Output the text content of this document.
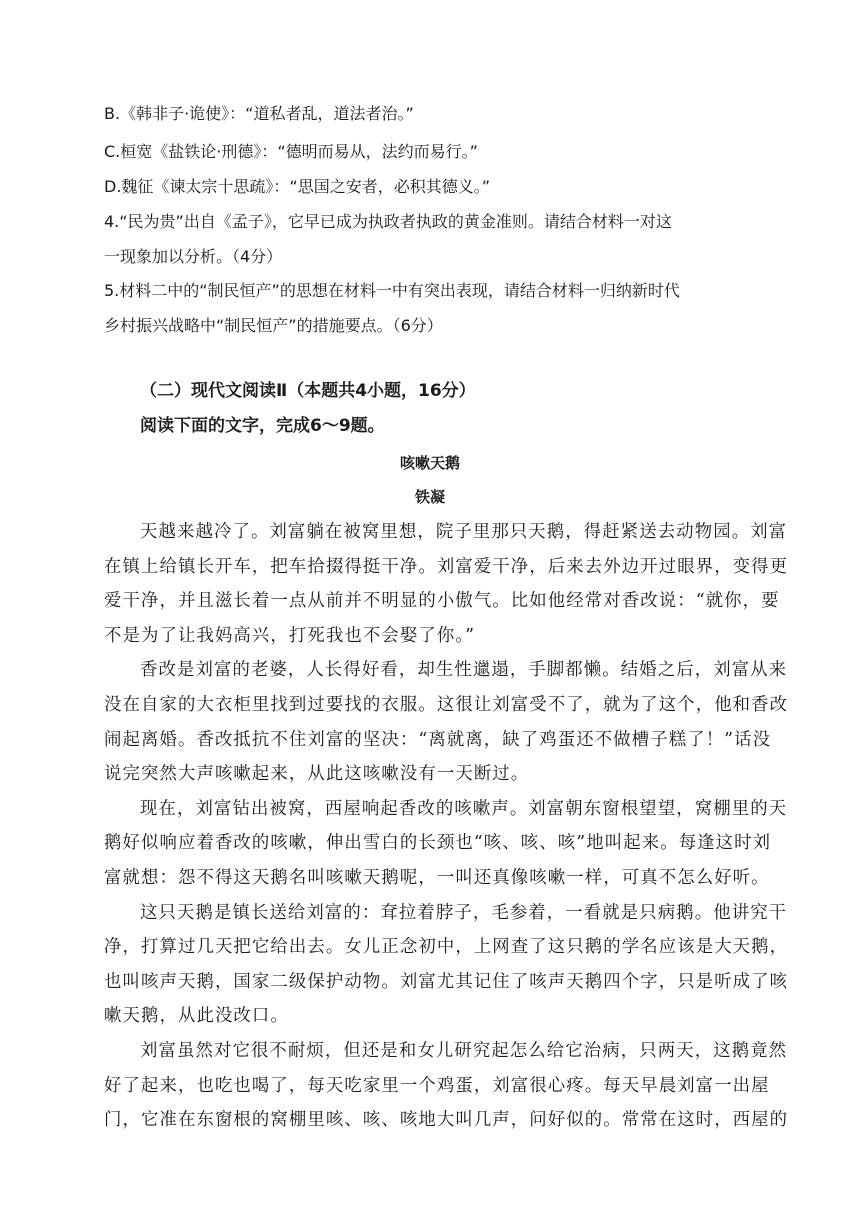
B.《韩非子·诡使》：“道私者乱，道法者治。”
C.桓宽《盐铁论·刑德》：“德明而易从，法约而易行。”
D.魏征《谏太宗十思疏》：“思国之安者，必积其德义。”
4.“民为贵”出自《孟子》，它早已成为执政者执政的黄金准则。请结合材料一对这
一现象加以分析。（4分）
5.材料二中的“制民恒产”的思想在材料一中有突出表现，请结合材料一归纳新时代
乡村振兴战略中“制民恒产”的措施要点。（6分）
（二）现代文阅读Ⅱ（本题共4小题，16分）
阅读下面的文字，完成6～9题。
咳嗽天鹅
铁凝
天越来越冷了。刘富躺在被窝里想，院子里那只天鹅，得赶紧送去动物园。刘富
在镇上给镇长开车，把车拾掇得挺干净。刘富爱干净，后来去外边开过眼界，变得更
爱干净，并且滋长着一点从前并不明显的小傲气。比如他经常对香改说：“就你，要
不是为了让我妈高兴，打死我也不会娶了你。”
香改是刘富的老婆，人长得好看，却生性邋遢，手脚都懒。结婚之后，刘富从来
没在自家的大衣柜里找到过要找的衣服。这很让刘富受不了，就为了这个，他和香改
闹起离婚。香改抵抗不住刘富的坚决：“离就离，缺了鸡蛋还不做槽子糕了！”话没
说完突然大声咳嗽起来，从此这咳嗽没有一天断过。
现在，刘富钻出被窝，西屋响起香改的咳嗽声。刘富朝东窗根望望，窝棚里的天
鹅好似响应着香改的咳嗽，伸出雪白的长颈也“咳、咳、咳”地叫起来。每逢这时刘
富就想：怨不得这天鹅名叫咳嗽天鹅呢，一叫还真像咳嗽一样，可真不怎么好听。
这只天鹅是镇长送给刘富的：耷拉着脖子，毛参着，一看就是只病鹅。他讲究干
净，打算过几天把它给出去。女儿正念初中，上网查了这只鹅的学名应该是大天鹅，
也叫咳声天鹅，国家二级保护动物。刘富尤其记住了咳声天鹅四个字，只是听成了咳
嗽天鹅，从此没改口。
刘富虽然对它很不耐烦，但还是和女儿研究起怎么给它治病，只两天，这鹅竟然
好了起来，也吃也喝了，每天吃家里一个鸡蛋，刘富很心疼。每天早晨刘富一出屋
门，它准在东窗根的窝棚里咳、咳、咳地大叫几声，问好似的。常常在这时，西屋的
